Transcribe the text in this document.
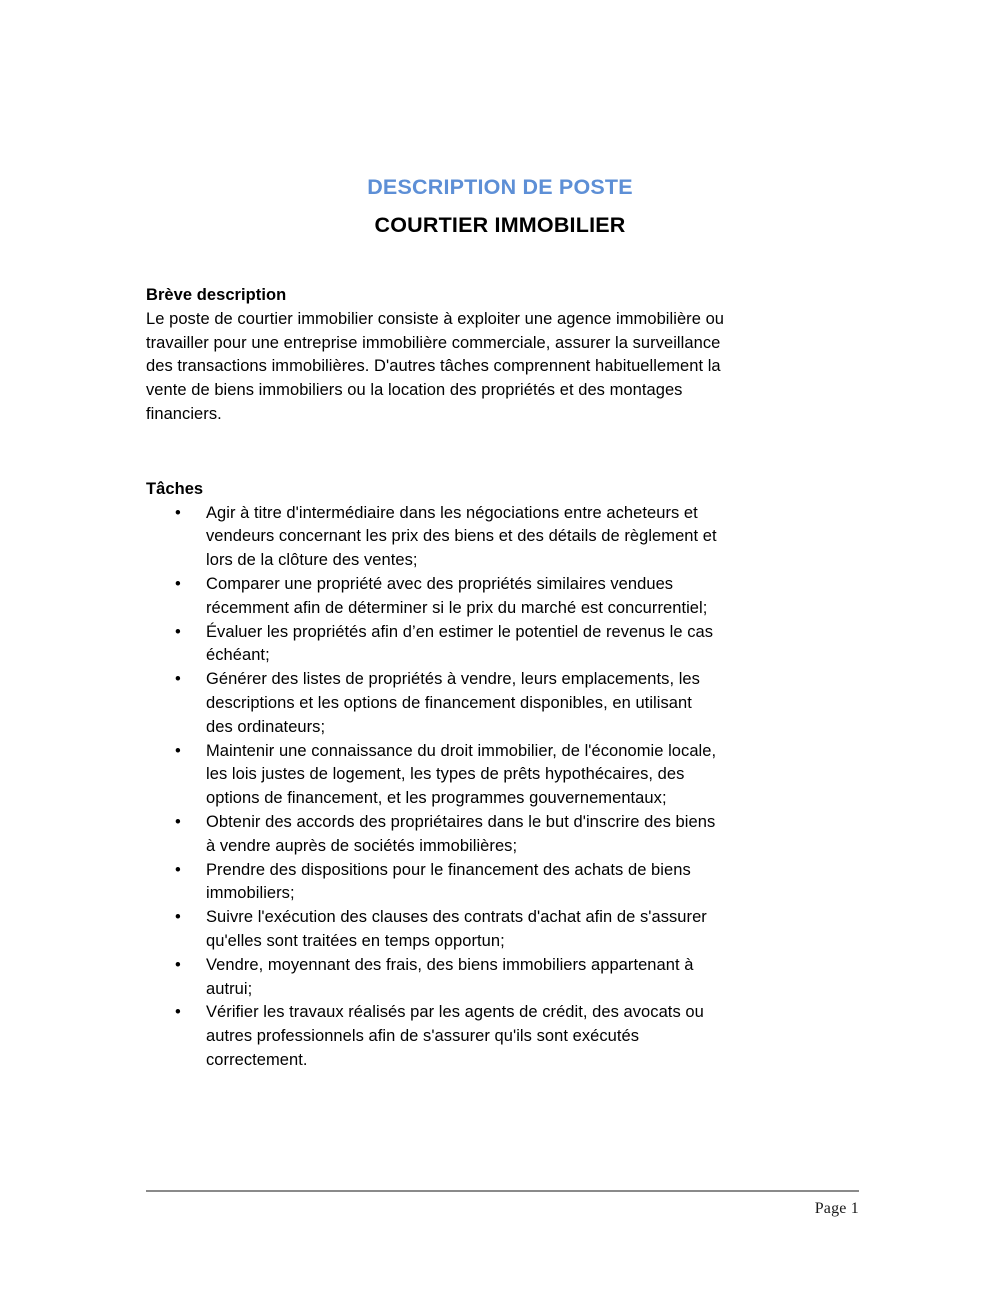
DESCRIPTION DE POSTE
COURTIER IMMOBILIER
Brève description

Le poste de courtier immobilier consiste à exploiter une agence immobilière ou travailler pour une entreprise immobilière commerciale, assurer la surveillance des transactions immobilières. D'autres tâches comprennent habituellement la vente de biens immobiliers ou la location des propriétés et des montages financiers.

Tâches
• Agir à titre d'intermédiaire dans les négociations entre acheteurs et vendeurs concernant les prix des biens et des détails de règlement et lors de la clôture des ventes;
• Comparer une propriété avec des propriétés similaires vendues récemment afin de déterminer si le prix du marché est concurrentiel;
• Évaluer les propriétés afin d’en estimer le potentiel de revenus le cas échéant;
• Générer des listes de propriétés à vendre, leurs emplacements, les descriptions et les options de financement disponibles, en utilisant des ordinateurs;
• Maintenir une connaissance du droit immobilier, de l'économie locale, les lois justes de logement, les types de prêts hypothécaires, des options de financement, et les programmes gouvernementaux;
• Obtenir des accords des propriétaires dans le but d'inscrire des biens à vendre auprès de sociétés immobilières;
• Prendre des dispositions pour le financement des achats de biens immobiliers;
• Suivre l'exécution des clauses des contrats d'achat afin de s'assurer qu'elles sont traitées en temps opportun;
• Vendre, moyennant des frais, des biens immobiliers appartenant à autrui;
• Vérifier les travaux réalisés par les agents de crédit, des avocats ou autres professionnels afin de s'assurer qu'ils sont exécutés correctement.
Page 1
